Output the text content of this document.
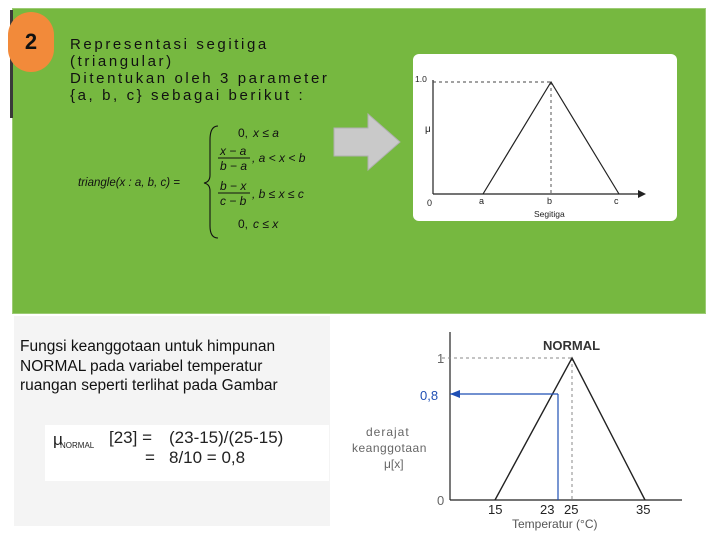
2	Representasi segitiga
(triangular)
Ditentukan oleh 3 parameter
{a, b, c} sebagai berikut :
triangle(x : a, b, c) =
0, x ≤ a
x − a
b − a
, a < x < b
b − x
c − b , b ≤ x ≤ c
0, c ≤ x
1.0
μ
0	a	b	c
Segitiga
Fungsi keanggotaan untuk himpunan
NORMAL pada variabel temperatur
ruangan seperti terlihat pada Gambar
μ
NORMAL [23] = (23-15)/(25-15)
= 8/10 = 0,8
NORMAL
1
0,8
0
derajat
keanggotaan
μ[x]
15	23 25	35
Temperatur (°C)
